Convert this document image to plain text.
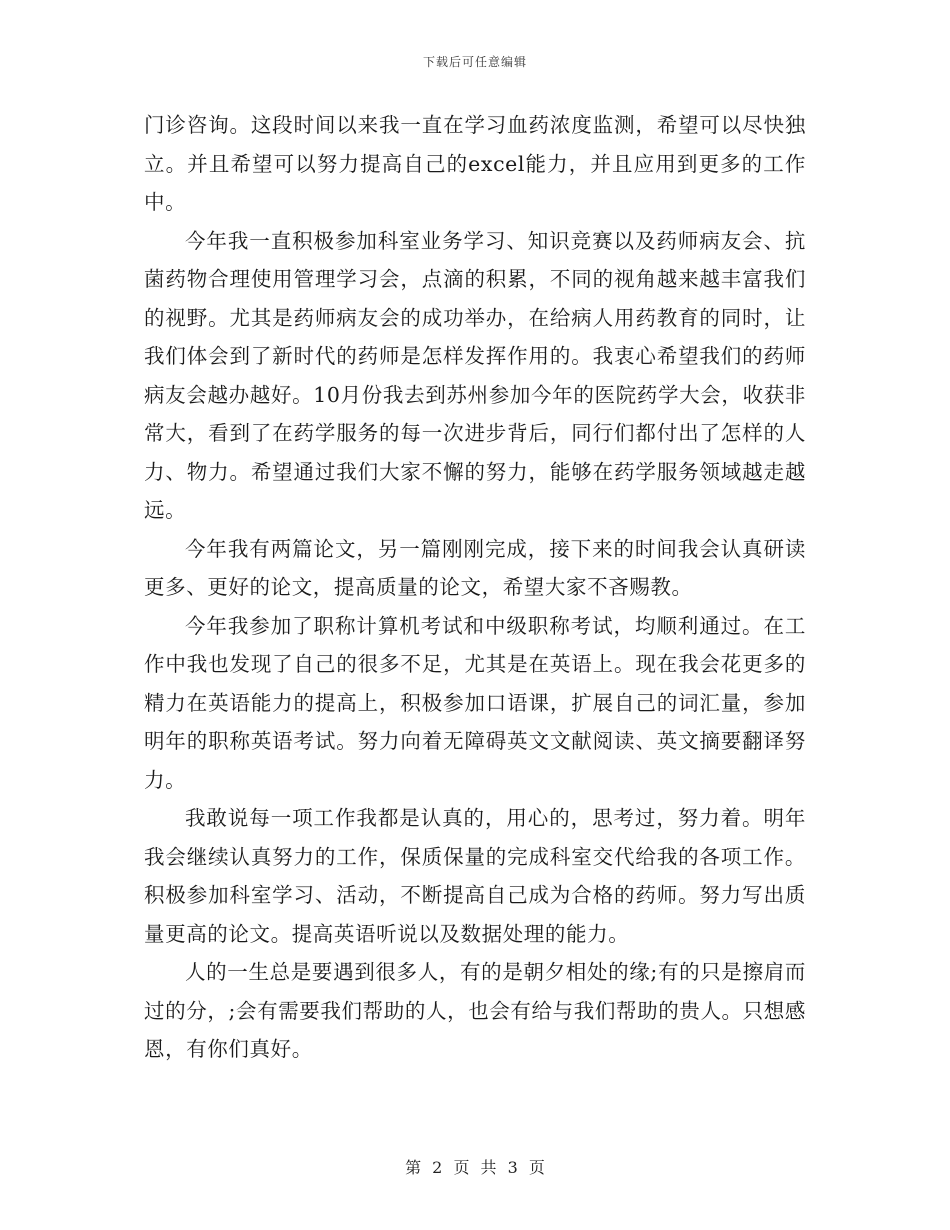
下载后可任意编辑

门诊咨询。这段时间以来我一直在学习血药浓度监测，希望可以尽快独立。并且希望可以努力提高自己的excel能力，并且应用到更多的工作中。

今年我一直积极参加科室业务学习、知识竞赛以及药师病友会、抗菌药物合理使用管理学习会，点滴的积累，不同的视角越来越丰富我们的视野。尤其是药师病友会的成功举办，在给病人用药教育的同时，让我们体会到了新时代的药师是怎样发挥作用的。我衷心希望我们的药师病友会越办越好。10月份我去到苏州参加今年的医院药学大会，收获非常大，看到了在药学服务的每一次进步背后，同行们都付出了怎样的人力、物力。希望通过我们大家不懈的努力，能够在药学服务领域越走越远。

今年我有两篇论文，另一篇刚刚完成，接下来的时间我会认真研读更多、更好的论文，提高质量的论文，希望大家不吝赐教。

今年我参加了职称计算机考试和中级职称考试，均顺利通过。在工作中我也发现了自己的很多不足，尤其是在英语上。现在我会花更多的精力在英语能力的提高上，积极参加口语课，扩展自己的词汇量，参加明年的职称英语考试。努力向着无障碍英文文献阅读、英文摘要翻译努力。

我敢说每一项工作我都是认真的，用心的，思考过，努力着。明年我会继续认真努力的工作，保质保量的完成科室交代给我的各项工作。积极参加科室学习、活动，不断提高自己成为合格的药师。努力写出质量更高的论文。提高英语听说以及数据处理的能力。

人的一生总是要遇到很多人，有的是朝夕相处的缘;有的只是擦肩而过的分，;会有需要我们帮助的人，也会有给与我们帮助的贵人。只想感恩，有你们真好。

第 2 页 共 3 页
